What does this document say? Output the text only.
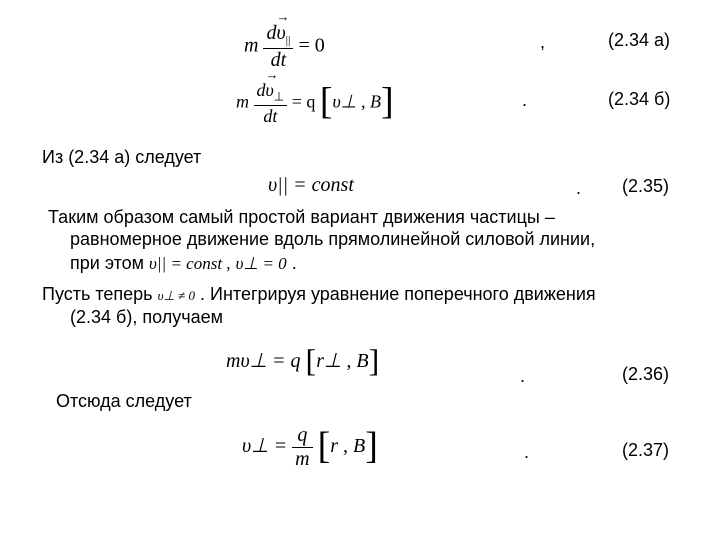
m $\frac{d\to \upsilon_{||}}{dt} = 0$	,	(2.34 а)
m $\frac{d\to \upsilon_\perp}{dt} = q$ [υ⊥ , B]	.	(2.34 б)
Из (2.34 а) следует
υ|| = const	. (2.35)
Таким образом самый простой вариант движения частицы –
равномерное движение вдоль прямолинейной силовой линии,
при этом υ|| = const , υ⊥ = 0 .
Пусть теперь υ⊥ ≠ 0 . Интегрируя уравнение поперечного движения
(2.34 б), получаем
mυ⊥ = q [r⊥ , B]	.	(2.36)
Отсюда следует
υ⊥ = $\frac{q}{m} [r$ , B]	.	(2.37)
